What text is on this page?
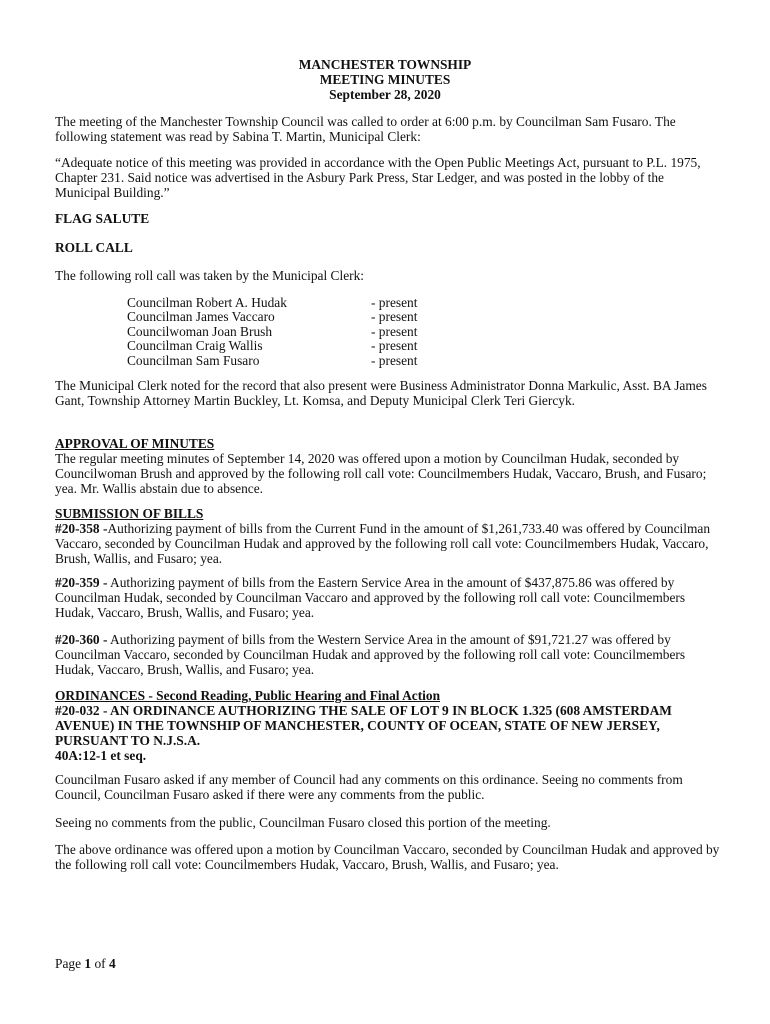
MANCHESTER TOWNSHIP
MEETING MINUTES
September 28, 2020

The meeting of the Manchester Township Council was called to order at 6:00 p.m. by Councilman Sam Fusaro. The following statement was read by Sabina T. Martin, Municipal Clerk:

“Adequate notice of this meeting was provided in accordance with the Open Public Meetings Act, pursuant to P.L. 1975, Chapter 231. Said notice was advertised in the Asbury Park Press, Star Ledger, and was posted in the lobby of the Municipal Building.”

FLAG SALUTE
ROLL CALL
The following roll call was taken by the Municipal Clerk:
Councilman Robert A. Hudak	- present
Councilman James Vaccaro	- present
Councilwoman Joan Brush	- present
Councilman Craig Wallis	- present
Councilman Sam Fusaro	- present
The Municipal Clerk noted for the record that also present were Business Administrator Donna Markulic, Asst. BA James Gant, Township Attorney Martin Buckley, Lt. Komsa, and Deputy Municipal Clerk Teri Giercyk.
APPROVAL OF MINUTES
The regular meeting minutes of September 14, 2020 was offered upon a motion by Councilman Hudak, seconded by Councilwoman Brush and approved by the following roll call vote: Councilmembers Hudak, Vaccaro, Brush, and Fusaro; yea. Mr. Wallis abstain due to absence.
SUBMISSION OF BILLS
#20-358 -Authorizing payment of bills from the Current Fund in the amount of $1,261,733.40 was offered by Councilman Vaccaro, seconded by Councilman Hudak and approved by the following roll call vote: Councilmembers Hudak, Vaccaro, Brush, Wallis, and Fusaro; yea.
#20-359 - Authorizing payment of bills from the Eastern Service Area in the amount of $437,875.86 was offered by Councilman Hudak, seconded by Councilman Vaccaro and approved by the following roll call vote: Councilmembers Hudak, Vaccaro, Brush, Wallis, and Fusaro; yea.
#20-360 - Authorizing payment of bills from the Western Service Area in the amount of $91,721.27 was offered by Councilman Vaccaro, seconded by Councilman Hudak and approved by the following roll call vote: Councilmembers Hudak, Vaccaro, Brush, Wallis, and Fusaro; yea.
ORDINANCES - Second Reading, Public Hearing and Final Action
#20-032 - AN ORDINANCE AUTHORIZING THE SALE OF LOT 9 IN BLOCK 1.325 (608 AMSTERDAM AVENUE) IN THE TOWNSHIP OF MANCHESTER, COUNTY OF OCEAN, STATE OF NEW JERSEY, PURSUANT TO N.J.S.A.
40A:12-1 et seq.
Councilman Fusaro asked if any member of Council had any comments on this ordinance. Seeing no comments from Council, Councilman Fusaro asked if there were any comments from the public.
Seeing no comments from the public, Councilman Fusaro closed this portion of the meeting.
The above ordinance was offered upon a motion by Councilman Vaccaro, seconded by Councilman Hudak and approved by the following roll call vote: Councilmembers Hudak, Vaccaro, Brush, Wallis, and Fusaro; yea.
Page 1 of 4
